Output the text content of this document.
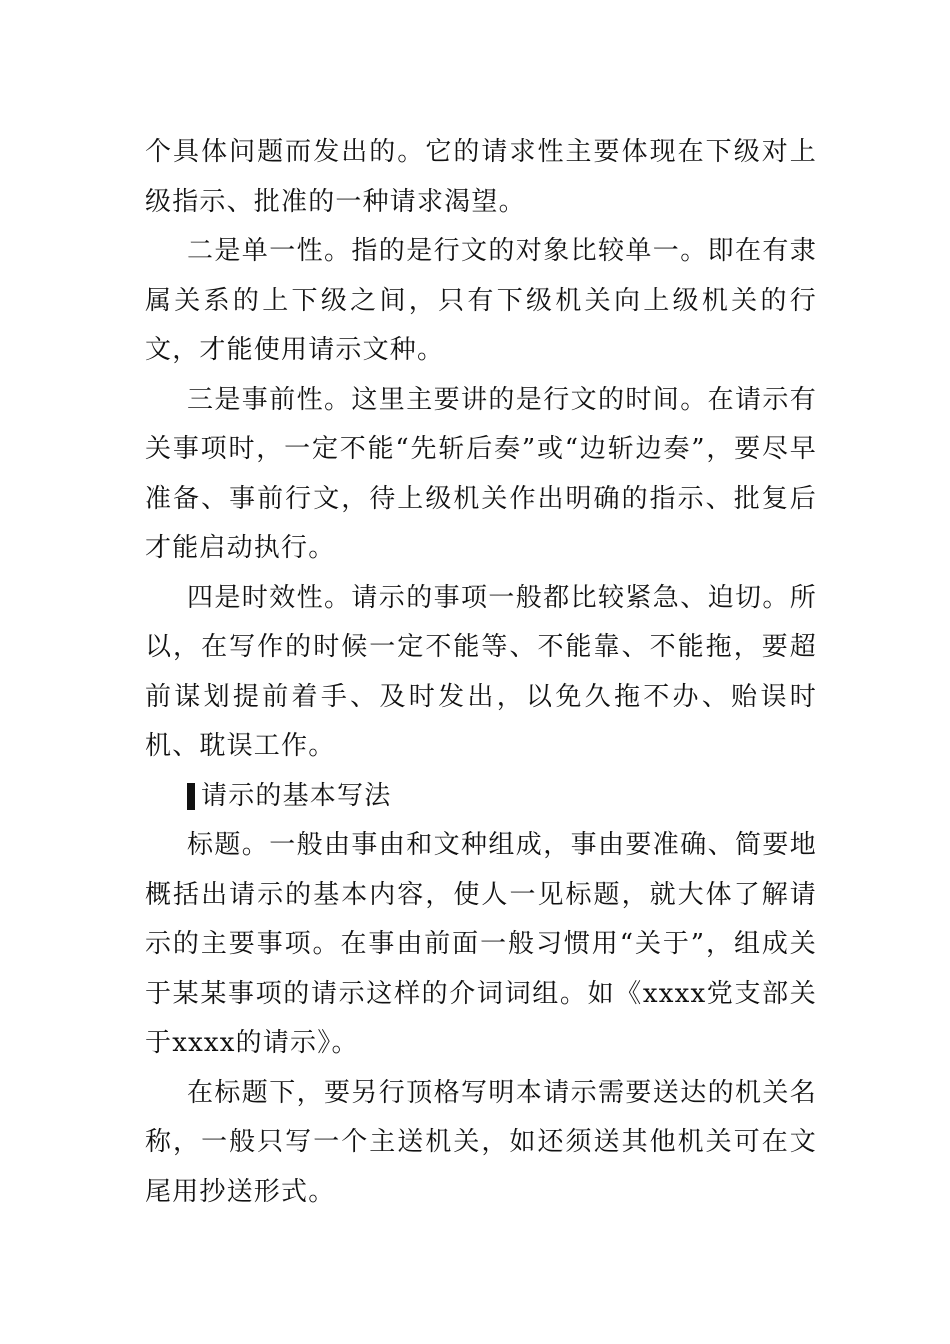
个具体问题而发出的。它的请求性主要体现在下级对上级指示、批准的一种请求渴望。

二是单一性。指的是行文的对象比较单一。即在有隶属关系的上下级之间，只有下级机关向上级机关的行文，才能使用请示文种。

三是事前性。这里主要讲的是行文的时间。在请示有关事项时，一定不能“先斩后奏”或“边斩边奏”，要尽早准备、事前行文，待上级机关作出明确的指示、批复后才能启动执行。

四是时效性。请示的事项一般都比较紧急、迫切。所以，在写作的时候一定不能等、不能靠、不能拖，要超前谋划提前着手、及时发出，以免久拖不办、贻误时机、耽误工作。

请示的基本写法

标题。一般由事由和文种组成，事由要准确、简要地概括出请示的基本内容，使人一见标题，就大体了解请示的主要事项。在事由前面一般习惯用“关于”，组成关于某某事项的请示这样的介词词组。如《xxxx党支部关于xxxx的请示》。

在标题下，要另行顶格写明本请示需要送达的机关名称，一般只写一个主送机关，如还须送其他机关可在文尾用抄送形式。
